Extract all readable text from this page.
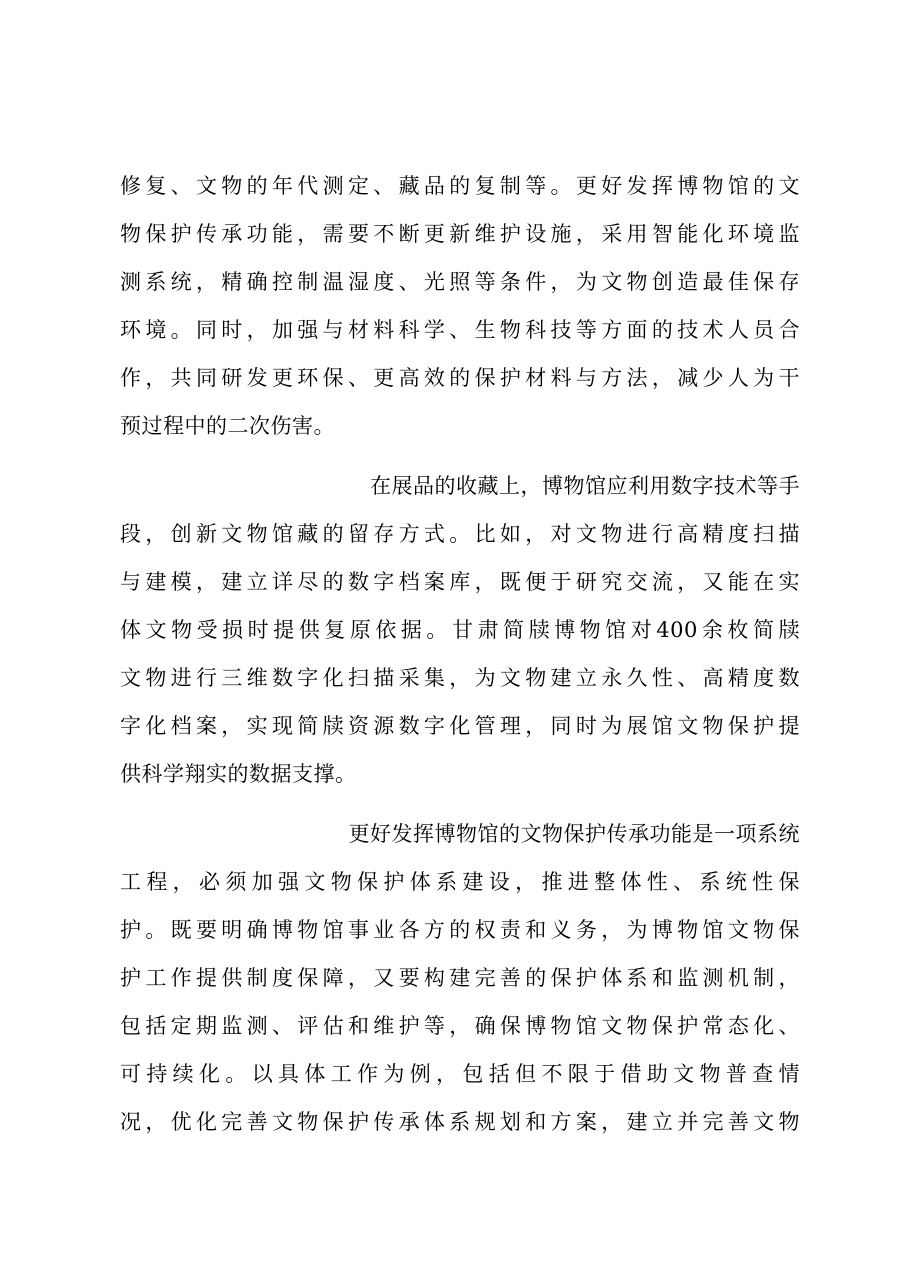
修复、文物的年代测定、藏品的复制等。更好发挥博物馆的文
物保护传承功能，需要不断更新维护设施，采用智能化环境监
测系统，精确控制温湿度、光照等条件，为文物创造最佳保存
环境。同时，加强与材料科学、生物科技等方面的技术人员合
作，共同研发更环保、更高效的保护材料与方法，减少人为干
预过程中的二次伤害。
在展品的收藏上，博物馆应利用数字技术等手
段，创新文物馆藏的留存方式。比如，对文物进行高精度扫描
与建模，建立详尽的数字档案库，既便于研究交流，又能在实
体文物受损时提供复原依据。甘肃简牍博物馆对400余枚简牍
文物进行三维数字化扫描采集，为文物建立永久性、高精度数
字化档案，实现简牍资源数字化管理，同时为展馆文物保护提
供科学翔实的数据支撑。
更好发挥博物馆的文物保护传承功能是一项系统
工程，必须加强文物保护体系建设，推进整体性、系统性保
护。既要明确博物馆事业各方的权责和义务，为博物馆文物保
护工作提供制度保障，又要构建完善的保护体系和监测机制，
包括定期监测、评估和维护等，确保博物馆文物保护常态化、
可持续化。以具体工作为例，包括但不限于借助文物普查情
况，优化完善文物保护传承体系规划和方案，建立并完善文物
